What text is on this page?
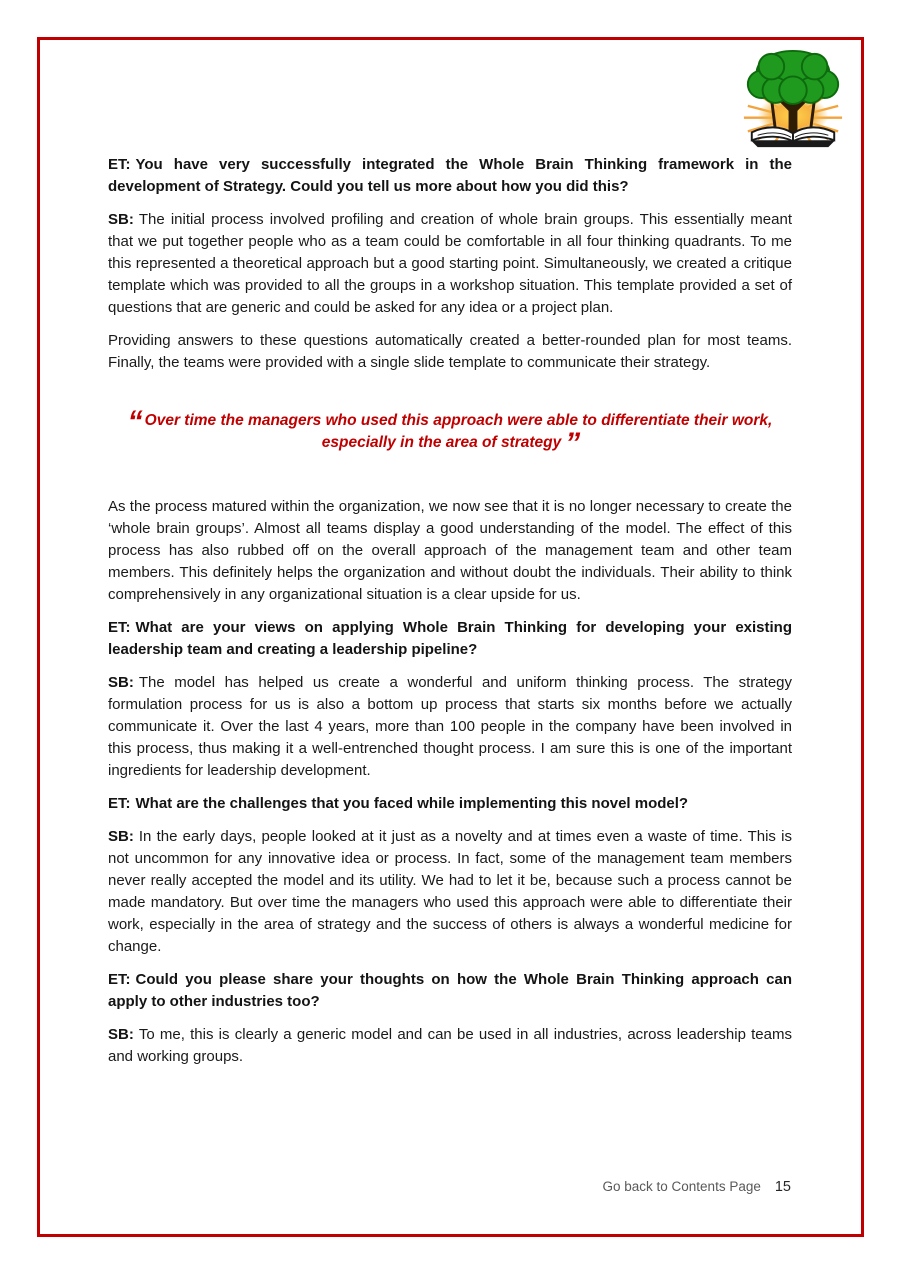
ET: You have very successfully integrated the Whole Brain Thinking framework in the development of Strategy. Could you tell us more about how you did this?

SB: The initial process involved profiling and creation of whole brain groups. This essentially meant that we put together people who as a team could be comfortable in all four thinking quadrants. To me this represented a theoretical approach but a good starting point. Simultaneously, we created a critique template which was provided to all the groups in a workshop situation. This template provided a set of questions that are generic and could be asked for any idea or a project plan.

Providing answers to these questions automatically created a better-rounded plan for most teams. Finally, the teams were provided with a single slide template to communicate their strategy.

“ Over time the managers who used this approach were able to differentiate their work, especially in the area of strategy ”

As the process matured within the organization, we now see that it is no longer necessary to create the ‘whole brain groups’. Almost all teams display a good understanding of the model. The effect of this process has also rubbed off on the overall approach of the management team and other team members. This definitely helps the organization and without doubt the individuals. Their ability to think comprehensively in any organizational situation is a clear upside for us.

ET: What are your views on applying Whole Brain Thinking for developing your existing leadership team and creating a leadership pipeline?

SB: The model has helped us create a wonderful and uniform thinking process. The strategy formulation process for us is also a bottom up process that starts six months before we actually communicate it. Over the last 4 years, more than 100 people in the company have been involved in this process, thus making it a well-entrenched thought process. I am sure this is one of the important ingredients for leadership development.

ET: What are the challenges that you faced while implementing this novel model?

SB: In the early days, people looked at it just as a novelty and at times even a waste of time. This is not uncommon for any innovative idea or process. In fact, some of the management team members never really accepted the model and its utility. We had to let it be, because such a process cannot be made mandatory. But over time the managers who used this approach were able to differentiate their work, especially in the area of strategy and the success of others is always a wonderful medicine for change.

ET: Could you please share your thoughts on how the Whole Brain Thinking approach can apply to other industries too?

SB: To me, this is clearly a generic model and can be used in all industries, across leadership teams and working groups.

Go back to Contents Page 15
